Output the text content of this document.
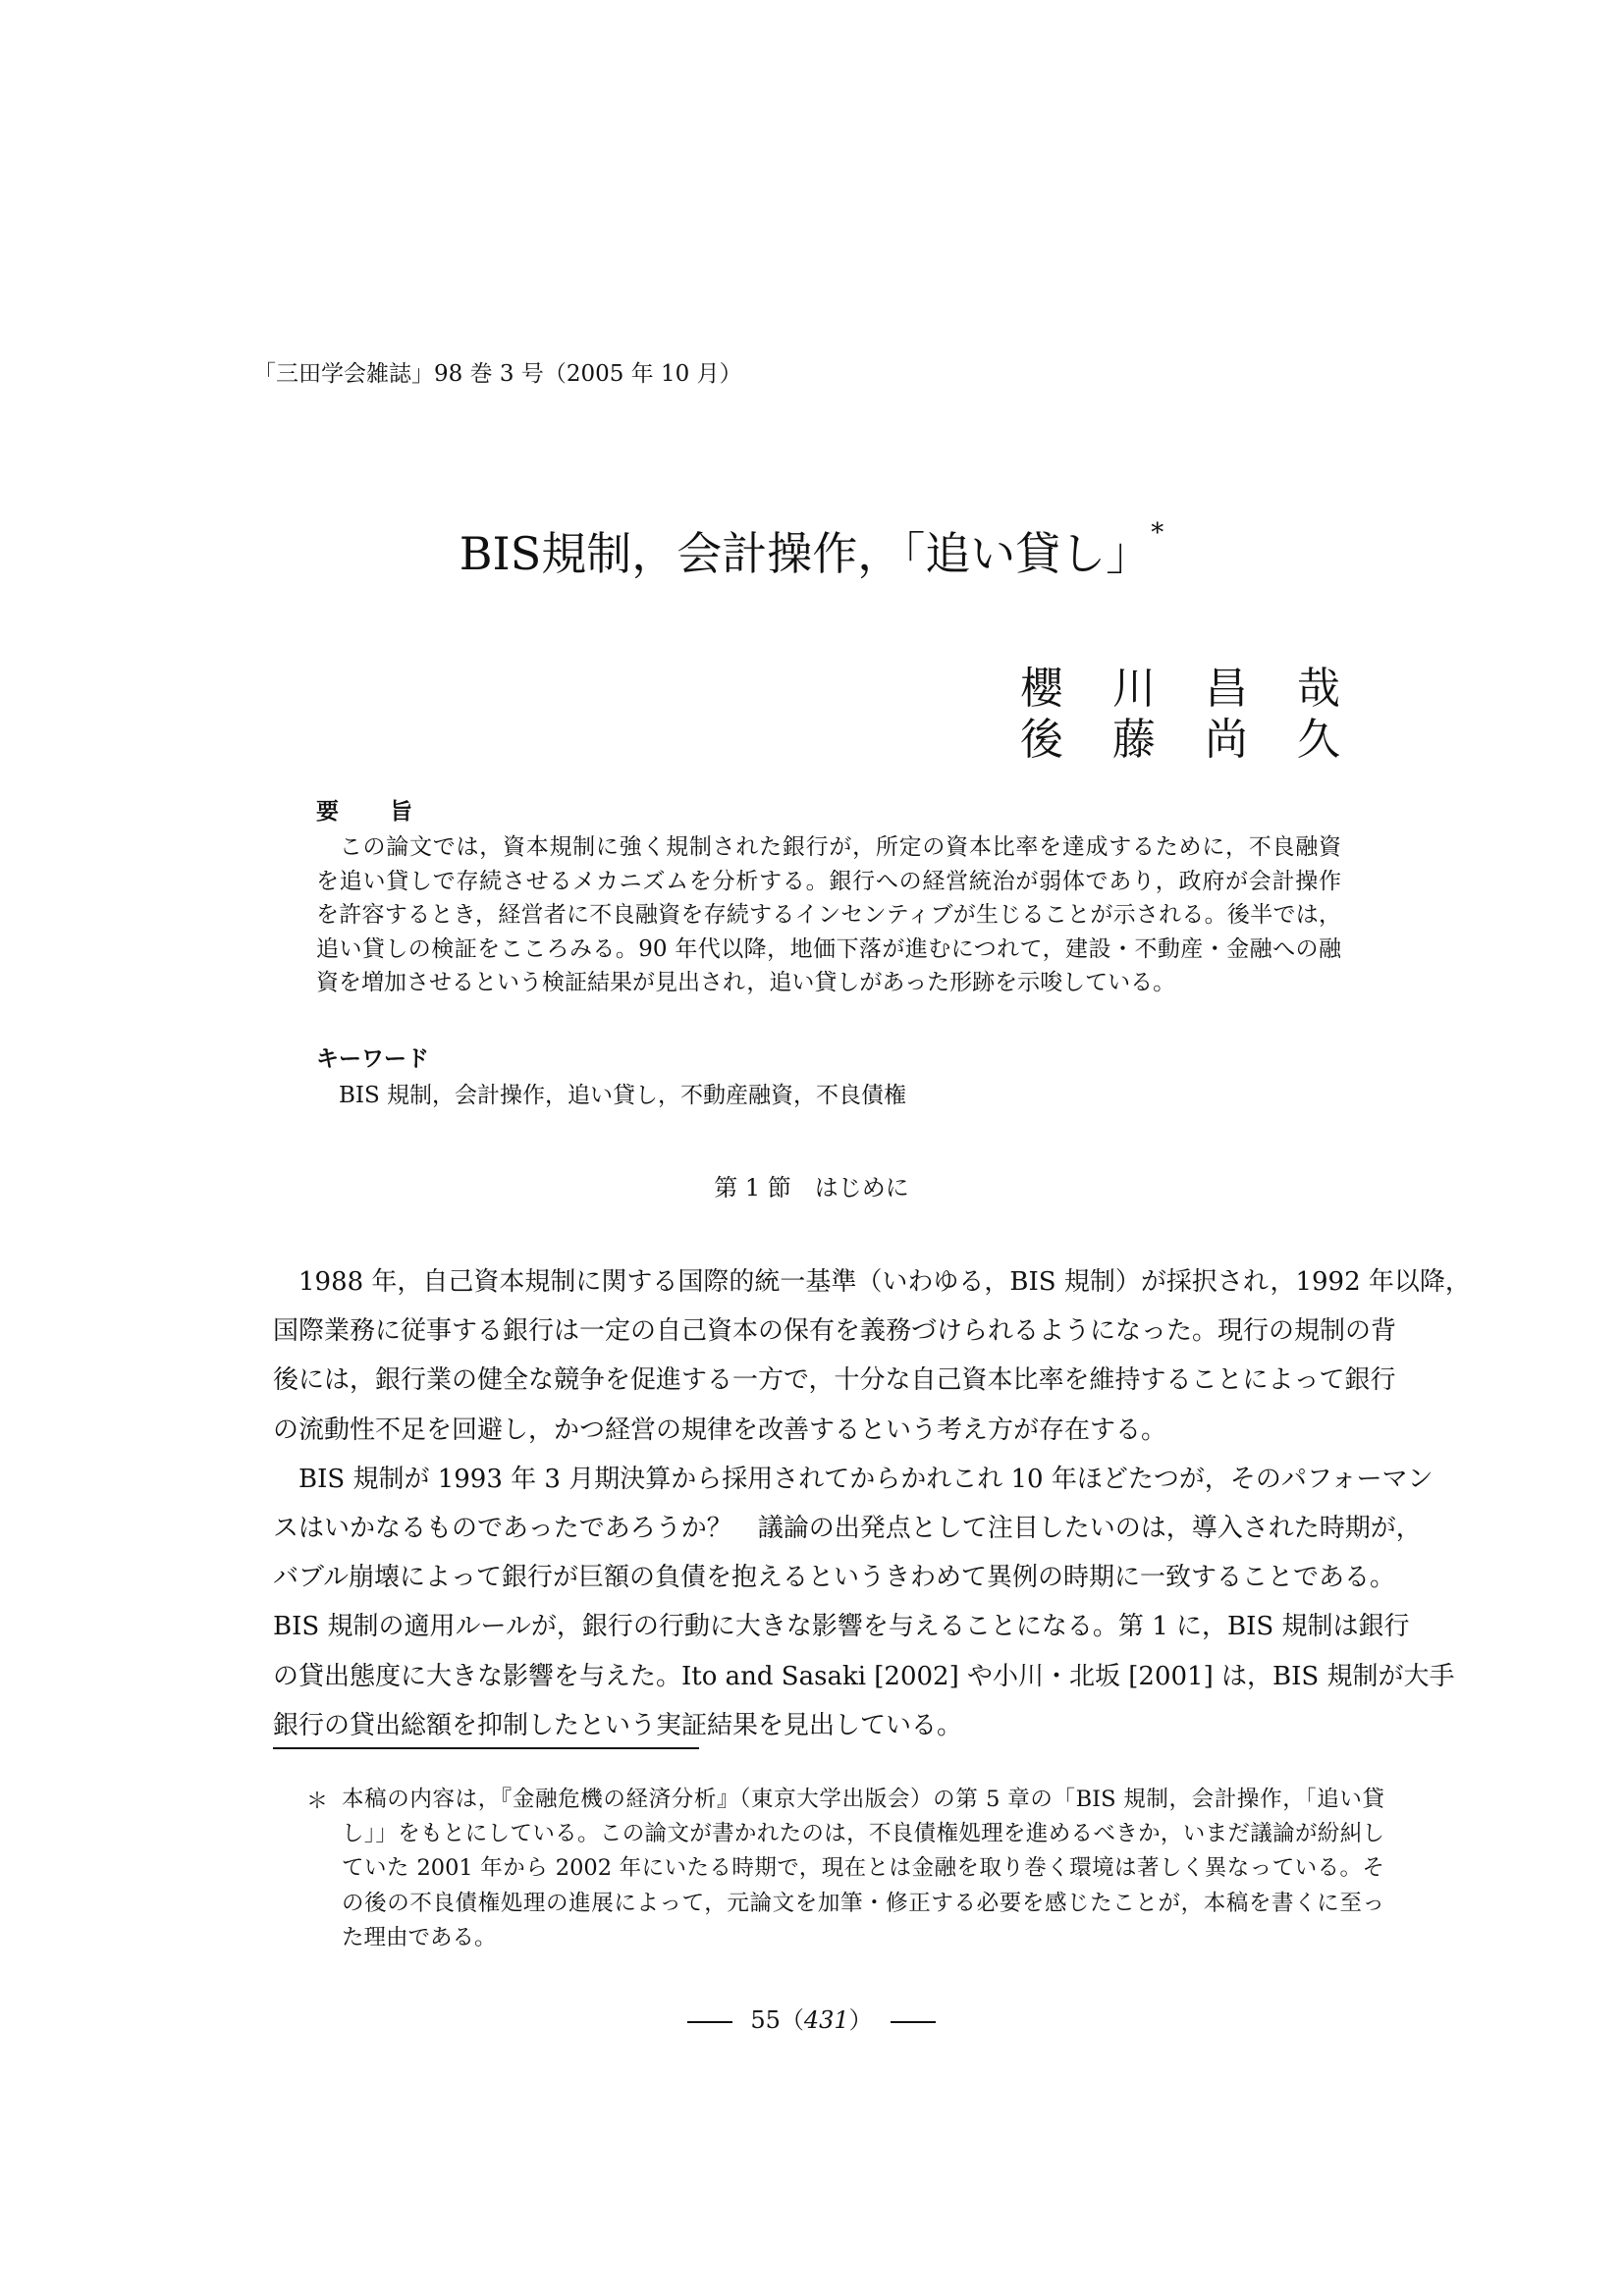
「三田学会雑誌」98 巻 3 号（2005 年 10 月）
BIS規制，会計操作，「追い貸し」*
櫻	川	昌	哉
後	藤	尚	久
要 旨
　この論文では，資本規制に強く規制された銀行が，所定の資本比率を達成するために，不良融資
を追い貸しで存続させるメカニズムを分析する。銀行への経営統治が弱体であり，政府が会計操作
を許容するとき，経営者に不良融資を存続するインセンティブが生じることが示される。後半では，
追い貸しの検証をこころみる。90 年代以降，地価下落が進むにつれて，建設・不動産・金融への融
資を増加させるという検証結果が見出され，追い貸しがあった形跡を示唆している。
キーワード
BIS 規制，会計操作，追い貸し，不動産融資，不良債権
第 1 節　はじめに
　1988 年，自己資本規制に関する国際的統一基準（いわゆる，BIS 規制）が採択され，1992 年以降，
国際業務に従事する銀行は一定の自己資本の保有を義務づけられるようになった。現行の規制の背
後には，銀行業の健全な競争を促進する一方で，十分な自己資本比率を維持することによって銀行
の流動性不足を回避し，かつ経営の規律を改善するという考え方が存在する。
　BIS 規制が 1993 年 3 月期決算から採用されてからかれこれ 10 年ほどたつが，そのパフォーマン
スはいかなるものであったであろうか？　議論の出発点として注目したいのは，導入された時期が，
バブル崩壊によって銀行が巨額の負債を抱えるというきわめて異例の時期に一致することである。
BIS 規制の適用ルールが，銀行の行動に大きな影響を与えることになる。第 1 に，BIS 規制は銀行
の貸出態度に大きな影響を与えた。Ito and Sasaki [2002] や小川・北坂 [2001] は，BIS 規制が大手
銀行の貸出総額を抑制したという実証結果を見出している。
＊ 本稿の内容は，『金融危機の経済分析』（東京大学出版会）の第 5 章の「BIS 規制，会計操作，「追い貸
し」」をもとにしている。この論文が書かれたのは，不良債権処理を進めるべきか，いまだ議論が紛糾し
ていた 2001 年から 2002 年にいたる時期で，現在とは金融を取り巻く環境は著しく異なっている。そ
の後の不良債権処理の進展によって，元論文を加筆・修正する必要を感じたことが，本稿を書くに至っ
た理由である。
55（431）
